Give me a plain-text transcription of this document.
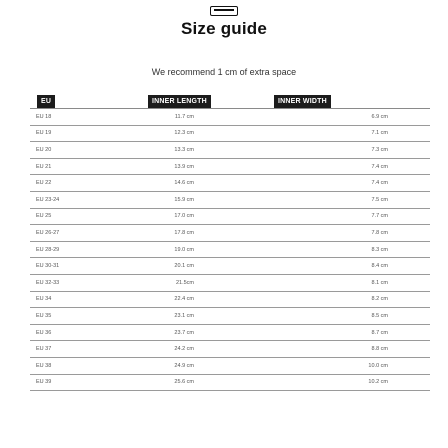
Size guide
We recommend 1 cm of extra space
EU	INNER LENGTH	INNER WIDTH
EU 18	11.7 cm	6.9 cm
EU 19	12.3 cm	7.1 cm
EU 20	13.3 cm	7.3 cm
EU 21	13.9 cm	7.4 cm
EU 22	14.6 cm	7.4 cm
EU 23-24	15.9 cm	7.5 cm
EU 25	17.0 cm	7.7 cm
EU 26-27	17.8 cm	7.8 cm
EU 28-29	19.0 cm	8.3 cm
EU 30-31	20.1 cm	8.4 cm
EU 32-33	21.5cm	8.1 cm
EU 34	22.4 cm	8.2 cm
EU 35	23.1 cm	8.5 cm
EU 36	23.7 cm	8.7 cm
EU 37	24.2 cm	8.8 cm
EU 38	24.9 cm	10.0 cm
EU 39	25.6 cm	10.2 cm
